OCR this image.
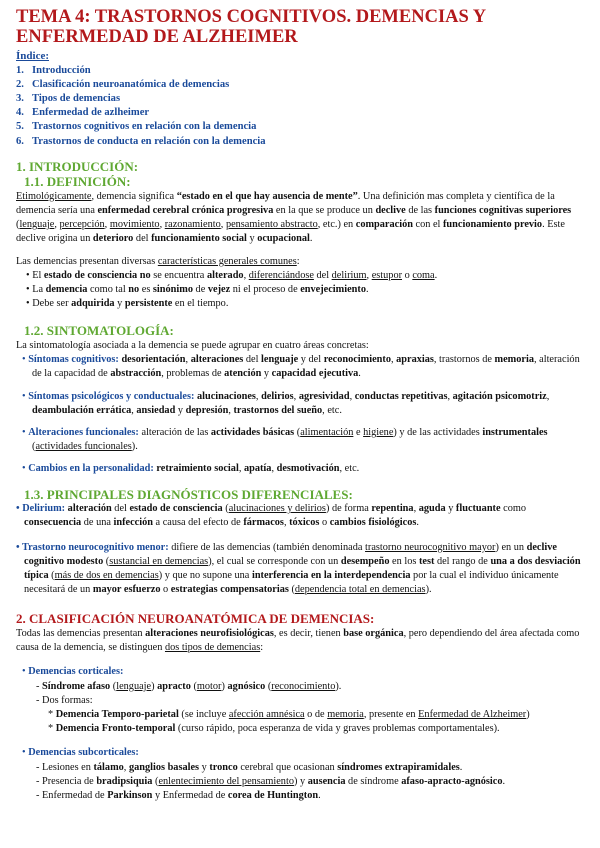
TEMA 4: TRASTORNOS COGNITIVOS. DEMENCIAS Y ENFERMEDAD DE ALZHEIMER
Índice:
1. Introducción
2. Clasificación neuroanatómica de demencias
3. Tipos de demencias
4. Enfermedad de azlheimer
5. Trastornos cognitivos en relación con la demencia
6. Trastornos de conducta en relación con la demencia
1. INTRODUCCIÓN:
1.1. DEFINICIÓN:

Etimológicamente, demencia significa “estado en el que hay ausencia de mente”. Una definición mas completa y científica de la demencia sería una enfermedad cerebral crónica progresiva en la que se produce un declive de las funciones cognitivas superiores (lenguaje, percepción, movimiento, razonamiento, pensamiento abstracto, etc.) en comparación con el funcionamiento previo. Este declive origina un deterioro del funcionamiento social y ocupacional.

Las demencias presentan diversas características generales comunes:

• El estado de consciencia no se encuentra alterado, diferenciándose del delirium, estupor o coma.
• La demencia como tal no es sinónimo de vejez ni el proceso de envejecimiento.
• Debe ser adquirida y persistente en el tiempo.
1.2. SINTOMATOLOGÍA:

La sintomatología asociada a la demencia se puede agrupar en cuatro áreas concretas:

• Síntomas cognitivos: desorientación, alteraciones del lenguaje y del reconocimiento, apraxias, trastornos de memoria, alteración de la capacidad de abstracción, problemas de atención y capacidad ejecutiva.
• Síntomas psicológicos y conductuales: alucinaciones, delirios, agresividad, conductas repetitivas, agitación psicomotriz, deambulación errática, ansiedad y depresión, trastornos del sueño, etc.
• Alteraciones funcionales: alteración de las actividades básicas (alimentación e higiene) y de las actividades instrumentales (actividades funcionales).
• Cambios en la personalidad: retraimiento social, apatía, desmotivación, etc.
1.3. PRINCIPALES DIAGNÓSTICOS DIFERENCIALES:
• Delirium: alteración del estado de consciencia (alucinaciones y delirios) de forma repentina, aguda y fluctuante como consecuencia de una infección a causa del efecto de fármacos, tóxicos o cambios fisiológicos.
• Trastorno neurocognitivo menor: difiere de las demencias (también denominada trastorno neurocognitivo mayor) en un declive cognitivo modesto (sustancial en demencias), el cual se corresponde con un desempeño en los test del rango de una a dos desviación típica (más de dos en demencias) y que no supone una interferencia en la interdependencia por la cual el individuo únicamente necesitará de un mayor esfuerzo o estrategias compensatorias (dependencia total en demencias).
2. CLASIFICACIÓN NEUROANATÓMICA DE DEMENCIAS:

Todas las demencias presentan alteraciones neurofisiológicas, es decir, tienen base orgánica, pero dependiendo del área afectada como causa de la demencia, se distinguen dos tipos de demencias:

• Demencias corticales:
- Síndrome afaso (lenguaje) apracto (motor) agnósico (reconocimiento).
- Dos formas:
* Demencia Temporo-parietal (se incluye afección amnésica o de memoria, presente en Enfermedad de Alzheimer)
* Demencia Fronto-temporal (curso rápido, poca esperanza de vida y graves problemas comportamentales).
• Demencias subcorticales:
- Lesiones en tálamo, ganglios basales y tronco cerebral que ocasionan síndromes extrapiramidales.
- Presencia de bradipsiquia (enlentecimiento del pensamiento) y ausencia de síndrome afaso-apracto-agnósico.
- Enfermedad de Parkinson y Enfermedad de corea de Huntington.
